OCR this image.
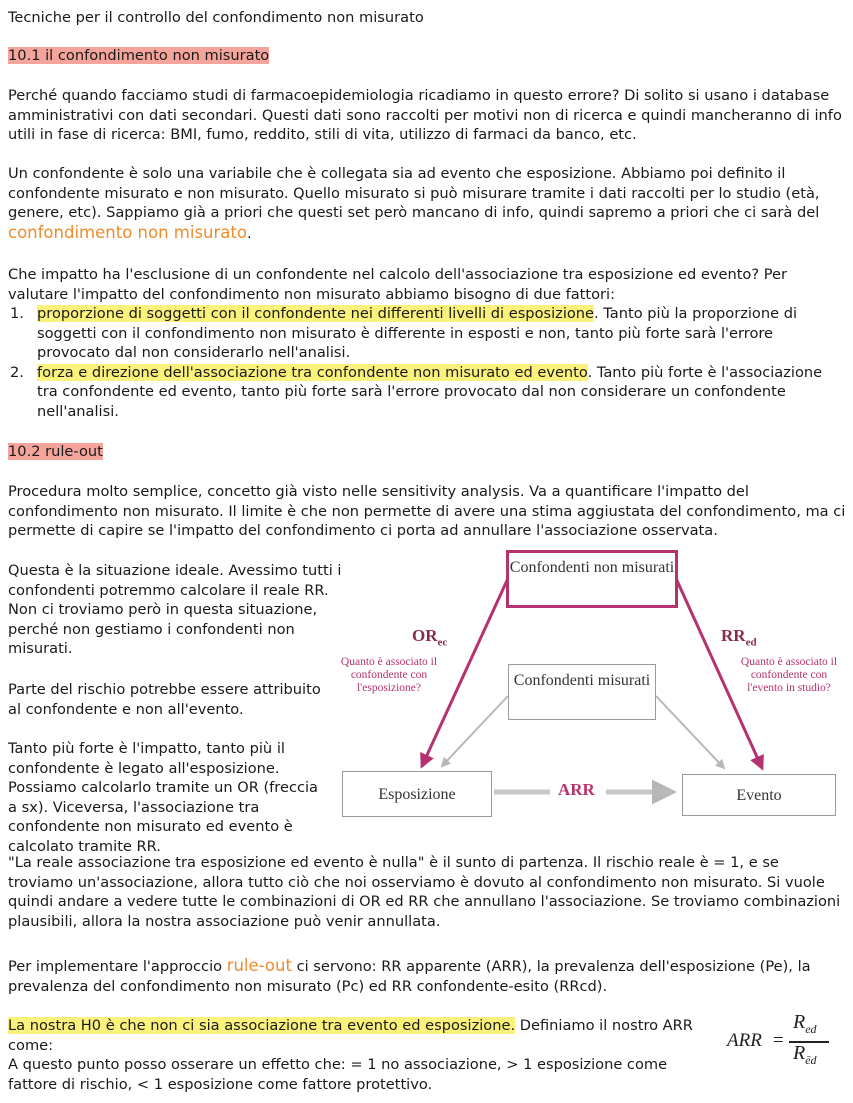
Tecniche per il controllo del confondimento non misurato
10.1 il confondimento non misurato
Perché quando facciamo studi di farmacoepidemiologia ricadiamo in questo errore? Di solito si usano i database amministrativi con dati secondari. Questi dati sono raccolti per motivi non di ricerca e quindi mancheranno di info utili in fase di ricerca: BMI, fumo, reddito, stili di vita, utilizzo di farmaci da banco, etc.
Un confondente è solo una variabile che è collegata sia ad evento che esposizione. Abbiamo poi definito il confondente misurato e non misurato. Quello misurato si può misurare tramite i dati raccolti per lo studio (età, genere, etc). Sappiamo già a priori che questi set però mancano di info, quindi sapremo a priori che ci sarà del confondimento non misurato.
Che impatto ha l'esclusione di un confondente nel calcolo dell'associazione tra esposizione ed evento? Per valutare l'impatto del confondimento non misurato abbiamo bisogno di due fattori:
1. proporzione di soggetti con il confondente nei differenti livelli di esposizione. Tanto più la proporzione di soggetti con il confondimento non misurato è differente in esposti e non, tanto più forte sarà l'errore provocato dal non considerarlo nell'analisi.
2. forza e direzione dell'associazione tra confondente non misurato ed evento. Tanto più forte è l'associazione tra confondente ed evento, tanto più forte sarà l'errore provocato dal non considerare un confondente nell'analisi.
10.2 rule-out
Procedura molto semplice, concetto già visto nelle sensitivity analysis. Va a quantificare l'impatto del confondimento non misurato. Il limite è che non permette di avere una stima aggiustata del confondimento, ma ci permette di capire se l'impatto del confondimento ci porta ad annullare l'associazione osservata.
Questa è la situazione ideale. Avessimo tutti i confondenti potremmo calcolare il reale RR. Non ci troviamo però in questa situazione, perché non gestiamo i confondenti non misurati.
Parte del rischio potrebbe essere attribuito al confondente e non all'evento.
Tanto più forte è l'impatto, tanto più il confondente è legato all'esposizione. Possiamo calcolarlo tramite un OR (freccia a sx). Viceversa, l'associazione tra confondente non misurato ed evento è calcolato tramite RR.
Confondenti non misurati
Confondenti misurati
Esposizione	Evento
$OR_{ec}$	$RR_{ed}$
Quanto è associato il confondente con l'esposizione?
Quanto è associato il confondente con l'evento in studio?
ARR
"La reale associazione tra esposizione ed evento è nulla" è il sunto di partenza. Il rischio reale è = 1, e se troviamo un'associazione, allora tutto ciò che noi osserviamo è dovuto al confondimento non misurato. Si vuole quindi andare a vedere tutte le combinazioni di OR ed RR che annullano l'associazione. Se troviamo combinazioni plausibili, allora la nostra associazione può venir annullata.
Per implementare l'approccio rule-out ci servono: RR apparente (ARR), la prevalenza dell'esposizione (Pe), la prevalenza del confondimento non misurato (Pc) ed RR confondente-esito (RRcd).
La nostra H0 è che non ci sia associazione tra evento ed esposizione. Definiamo il nostro ARR come:
A questo punto posso osserare un effetto che: = 1 no associazione, > 1 esposizione come fattore di rischio, < 1 esposizione come fattore protettivo.
ARR =
$R_{ed}$
$R_{ēd}$
